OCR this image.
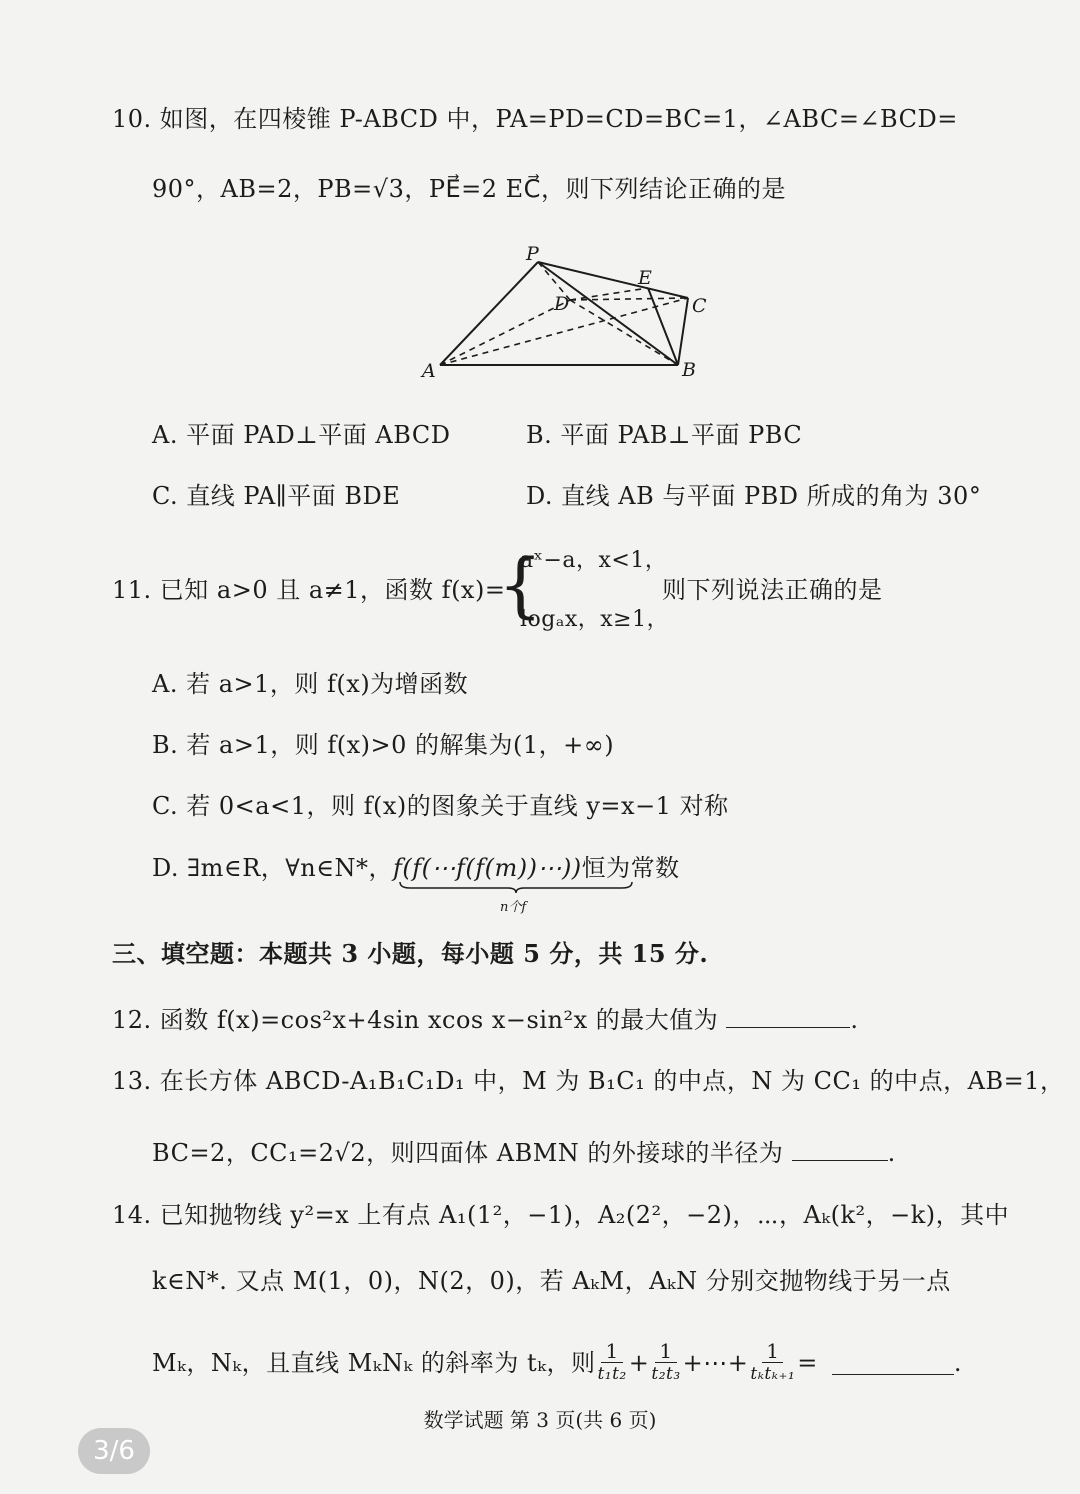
10. 如图，在四棱锥 P-ABCD 中，PA=PD=CD=BC=1，∠ABC=∠BCD=
90°，AB=2，PB=√3，PE⃗=2 EC⃗，则下列结论正确的是
P
E
D	C
A	B
A. 平面 PAD⊥平面 ABCD	B. 平面 PAB⊥平面 PBC
C. 直线 PA∥平面 BDE	D. 直线 AB 与平面 PBD 所成的角为 30°
11. 已知 a>0 且 a≠1，函数 f(x)=
{
aˣ−a，x<1，
logₐx，x≥1，
则下列说法正确的是
A. 若 a>1，则 f(x)为增函数
B. 若 a>1，则 f(x)>0 的解集为(1，+∞)
C. 若 0<a<1，则 f(x)的图象关于直线 y=x−1 对称
D. ∃m∈R，∀n∈N*，f(f(⋯f(f(m))⋯))恒为常数
n个f
三、填空题：本题共 3 小题，每小题 5 分，共 15 分.
12. 函数 f(x)=cos²x+4sin xcos x−sin²x 的最大值为	.
13. 在长方体 ABCD-A₁B₁C₁D₁ 中，M 为 B₁C₁ 的中点，N 为 CC₁ 的中点，AB=1，
BC=2，CC₁=2√2，则四面体 ABMN 的外接球的半径为	.
14. 已知抛物线 y²=x 上有点 A₁(1²，−1)，A₂(2²，−2)，⋯，Aₖ(k²，−k)，其中
k∈N*. 又点 M(1，0)，N(2，0)，若 AₖM，AₖN 分别交抛物线于另一点
Mₖ，Nₖ，且直线 MₖNₖ 的斜率为 tₖ，则 $\frac{1}{\text{t₁t₂}} + \frac{1}{\text{t₂t₃}}$ +⋯+ $\frac{1}{\text{tₖtₖ₊₁}}$ =	.
数学试题 第 3 页(共 6 页)
3/6
